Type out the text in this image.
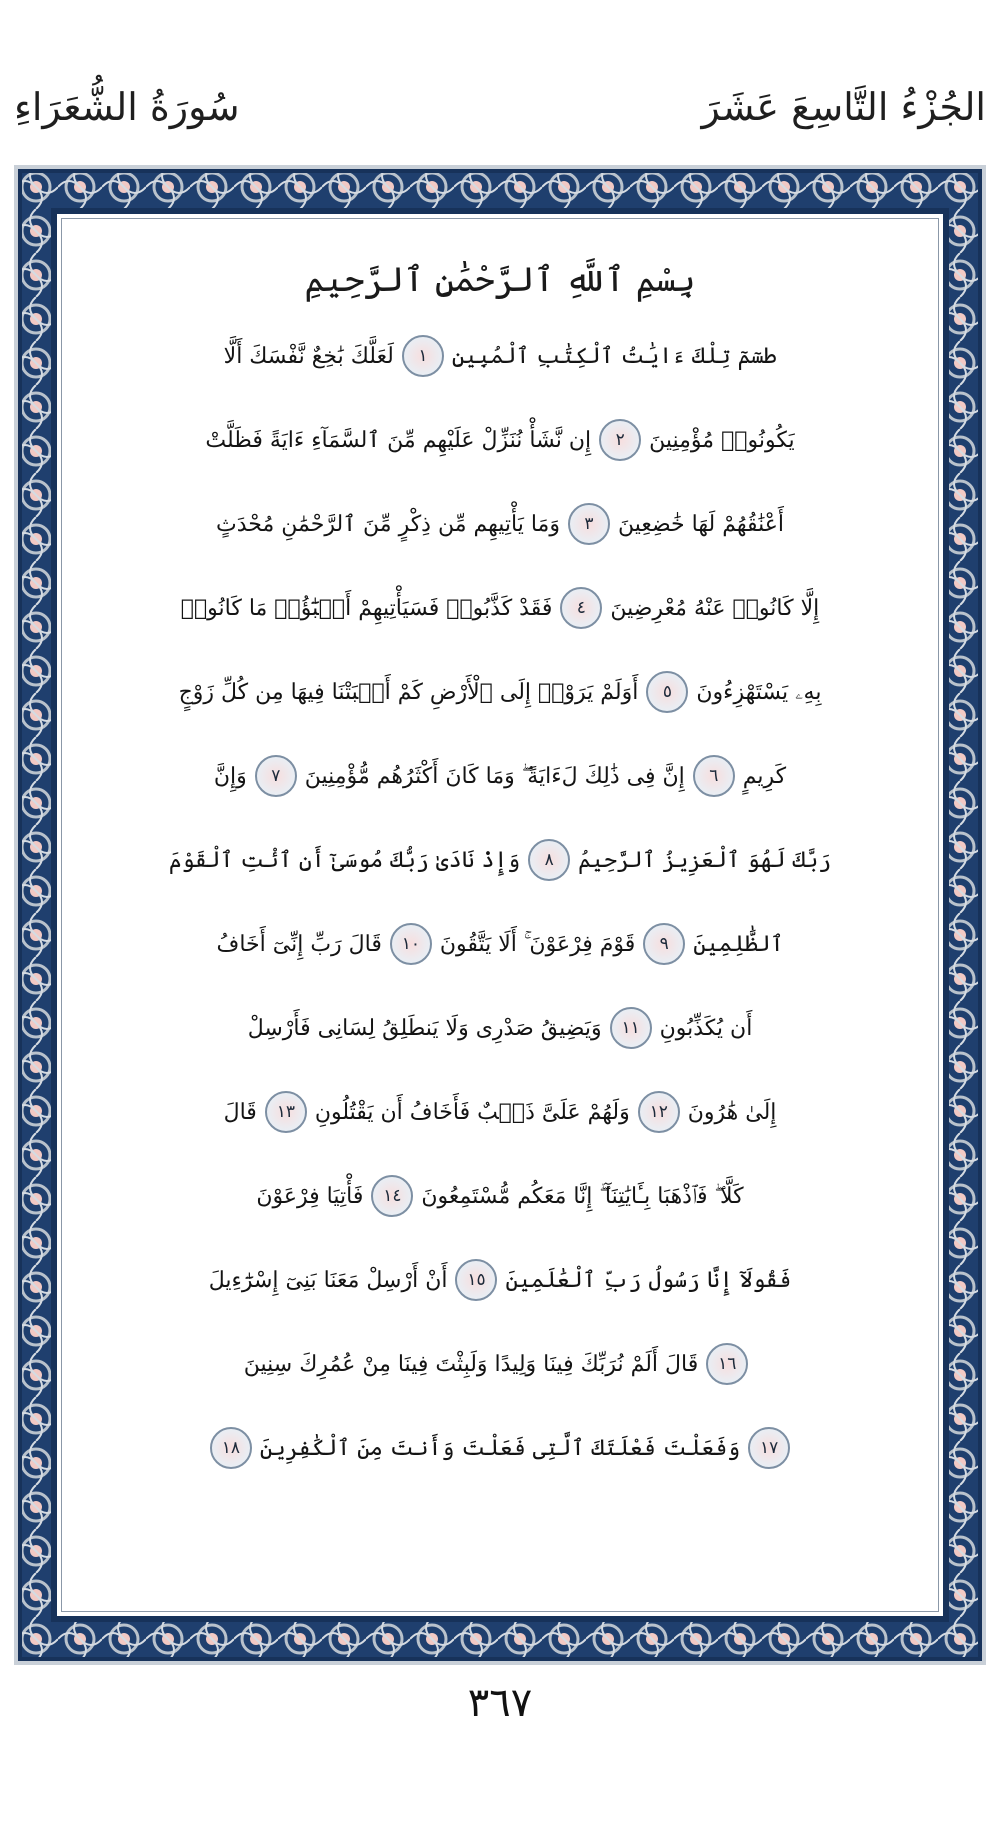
سُورَةُ الشُّعَرَاءِ	الجُزْءُ التَّاسِعَ عَشَرَ
بِسْمِ ٱللَّهِ ٱلرَّحْمَٰنِ ٱلرَّحِيمِ
طسٓمٓ تِلْكَ ءَايَٰتُ ٱلْكِتَٰبِ ٱلْمُبِينِ
١
لَعَلَّكَ بَٰخِعٌ نَّفْسَكَ أَلَّا
يَكُونُوا۟ مُؤْمِنِينَ
٢
إِن نَّشَأْ نُنَزِّلْ عَلَيْهِم مِّنَ ٱلسَّمَآءِ ءَايَةً فَظَلَّتْ
أَعْنَٰقُهُمْ لَهَا خَٰضِعِينَ
٣
وَمَا يَأْتِيهِم مِّن ذِكْرٍ مِّنَ ٱلرَّحْمَٰنِ مُحْدَثٍ
إِلَّا كَانُوا۟ عَنْهُ مُعْرِضِينَ
٤
فَقَدْ كَذَّبُوا۟ فَسَيَأْتِيهِمْ أَنۢبَٰٓؤُا۟ مَا كَانُوا۟
بِهِۦ يَسْتَهْزِءُونَ
٥
أَوَلَمْ يَرَوْا۟ إِلَى ٱلْأَرْضِ كَمْ أَنۢبَتْنَا فِيهَا مِن كُلِّ زَوْجٍ
كَرِيمٍ
٦
إِنَّ فِى ذَٰلِكَ لَءَايَةً ۖ وَمَا كَانَ أَكْثَرُهُم مُّؤْمِنِينَ
٧
وَإِنَّ
رَبَّكَ لَهُوَ ٱلْعَزِيزُ ٱلرَّحِيمُ
٨
وَإِذْ نَادَىٰ رَبُّكَ مُوسَىٰٓ أَنِ ٱئْتِ ٱلْقَوْمَ
ٱلظَّٰلِمِينَ
٩
قَوْمَ فِرْعَوْنَ ۚ أَلَا يَتَّقُونَ
١٠
قَالَ رَبِّ إِنِّىٓ أَخَافُ
أَن يُكَذِّبُونِ
١١
وَيَضِيقُ صَدْرِى وَلَا يَنطَلِقُ لِسَانِى فَأَرْسِلْ
إِلَىٰ هَٰرُونَ
١٢
وَلَهُمْ عَلَىَّ ذَنۢبٌ فَأَخَافُ أَن يَقْتُلُونِ
١٣
قَالَ
كَلَّا ۖ فَٱذْهَبَا بِـَٔايَٰتِنَآ ۖ إِنَّا مَعَكُم مُّسْتَمِعُونَ
١٤
فَأْتِيَا فِرْعَوْنَ
فَقُولَآ إِنَّا رَسُولُ رَبِّ ٱلْعَٰلَمِينَ
١٥
أَنْ أَرْسِلْ مَعَنَا بَنِىٓ إِسْرَٰٓءِيلَ
١٦
قَالَ أَلَمْ نُرَبِّكَ فِينَا وَلِيدًا وَلَبِثْتَ فِينَا مِنْ عُمُرِكَ سِنِينَ
١٧
وَفَعَلْتَ فَعْلَتَكَ ٱلَّتِى فَعَلْتَ وَأَنتَ مِنَ ٱلْكَٰفِرِينَ
١٨
٣٦٧
